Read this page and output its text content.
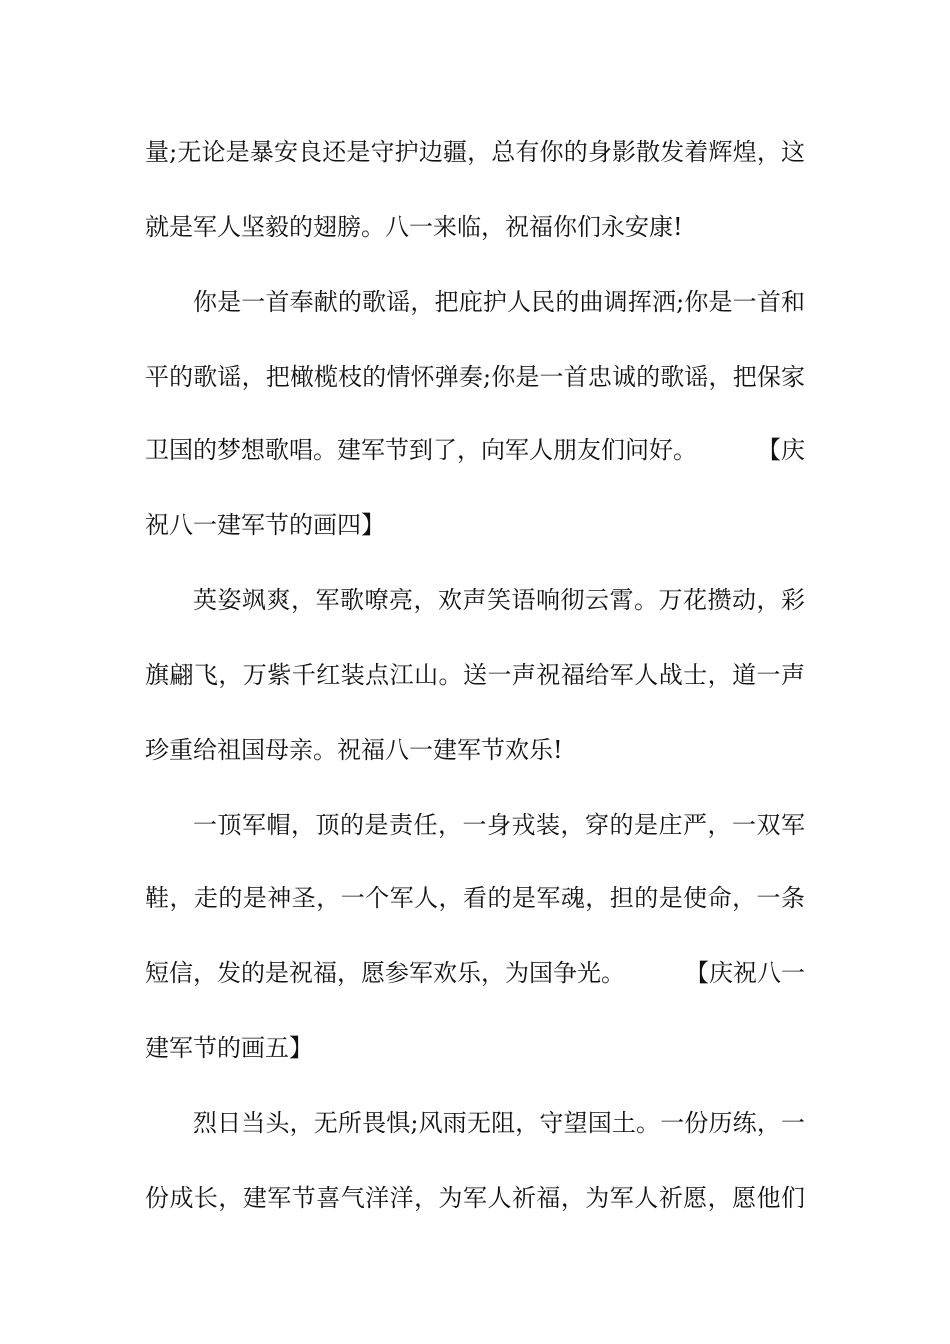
量;无论是暴安良还是守护边疆，总有你的身影散发着辉煌，这
就是军人坚毅的翅膀。八一来临，祝福你们永安康!
你是一首奉献的歌谣，把庇护人民的曲调挥洒;你是一首和
平的歌谣，把橄榄枝的情怀弹奏;你是一首忠诚的歌谣，把保家
卫国的梦想歌唱。建军节到了，向军人朋友们问好。	【庆
祝八一建军节的画四】
英姿飒爽，军歌嘹亮，欢声笑语响彻云霄。万花攒动，彩
旗翩飞，万紫千红装点江山。送一声祝福给军人战士，道一声
珍重给祖国母亲。祝福八一建军节欢乐!
一顶军帽，顶的是责任，一身戎装，穿的是庄严，一双军
鞋，走的是神圣，一个军人，看的是军魂，担的是使命，一条
短信，发的是祝福，愿参军欢乐，为国争光。	【庆祝八一
建军节的画五】
烈日当头，无所畏惧;风雨无阻，守望国土。一份历练，一
份成长，建军节喜气洋洋，为军人祈福，为军人祈愿，愿他们
